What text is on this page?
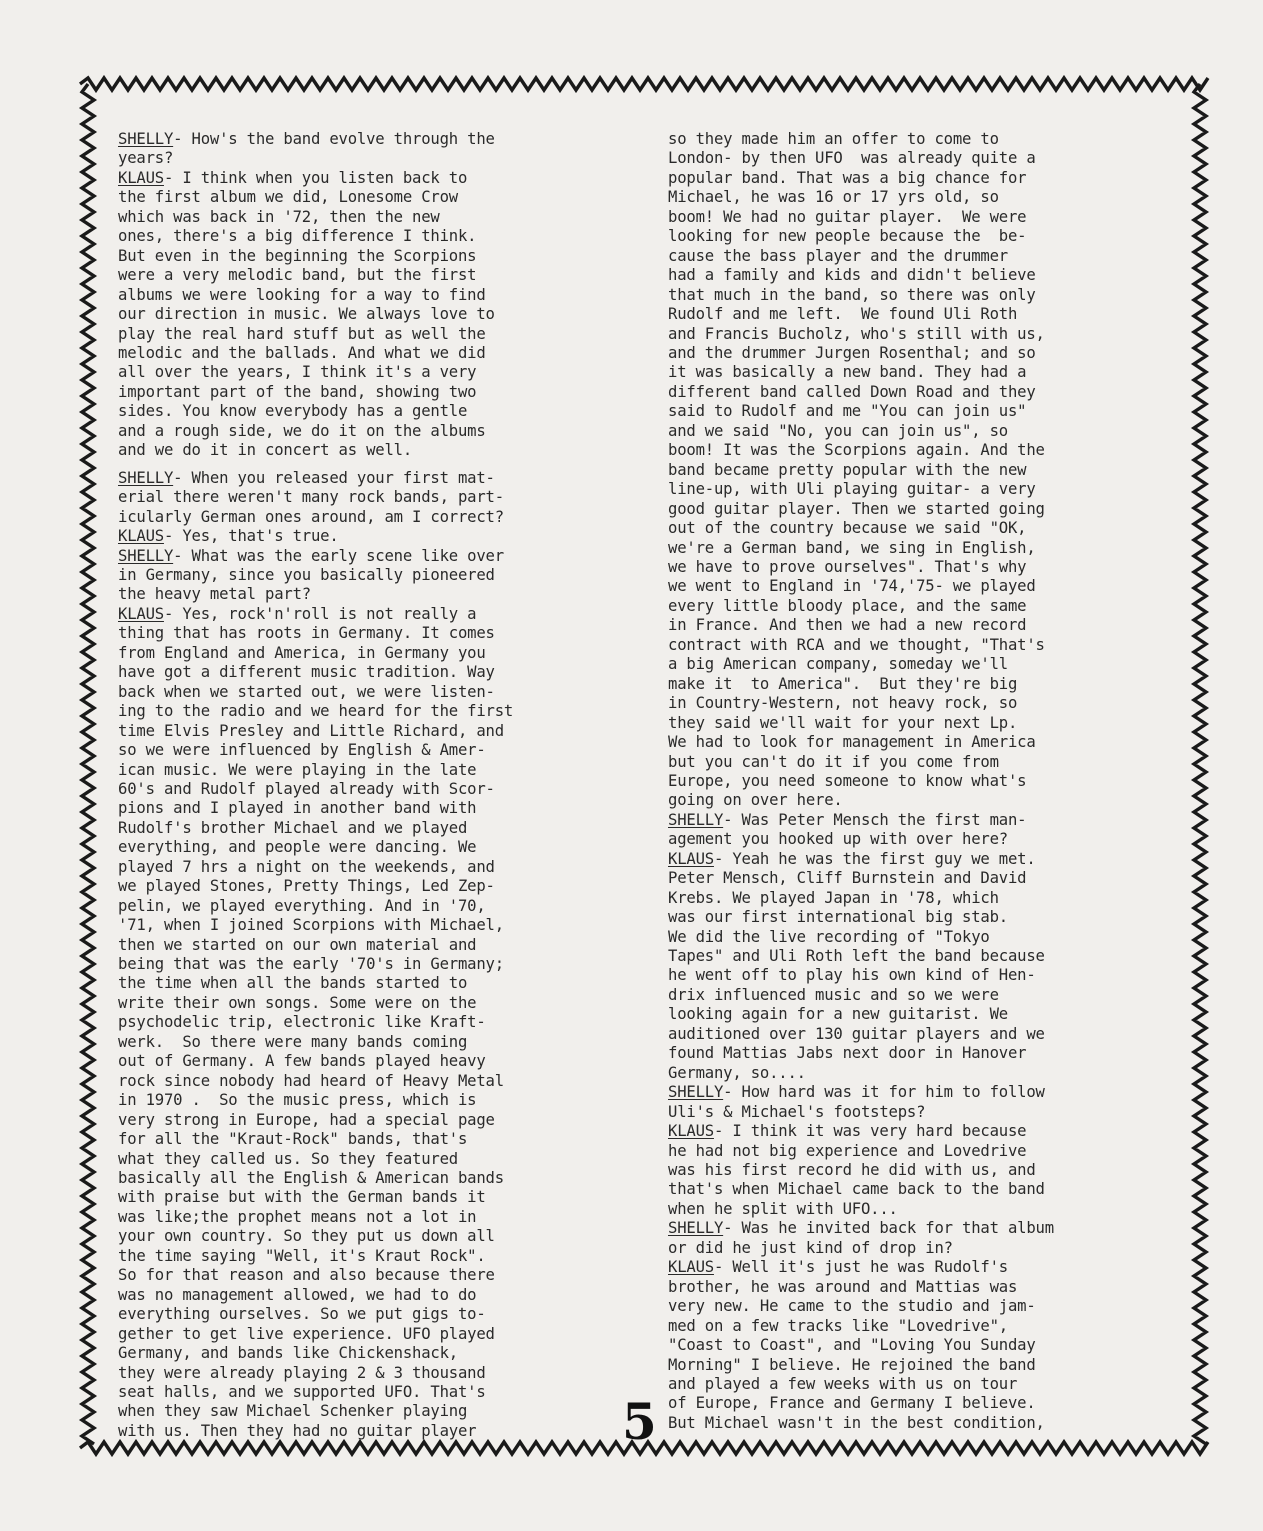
SHELLY- How's the band evolve through the
years?
KLAUS- I think when you listen back to
the first album we did, Lonesome Crow
which was back in '72, then the new
ones, there's a big difference I think.
But even in the beginning the Scorpions
were a very melodic band, but the first
albums we were looking for a way to find
our direction in music. We always love to
play the real hard stuff but as well the
melodic and the ballads. And what we did
all over the years, I think it's a very
important part of the band, showing two
sides. You know everybody has a gentle
and a rough side, we do it on the albums
and we do it in concert as well.
SHELLY- When you released your first mat-
erial there weren't many rock bands, part-
icularly German ones around, am I correct?
KLAUS- Yes, that's true.
SHELLY- What was the early scene like over
in Germany, since you basically pioneered
the heavy metal part?
KLAUS- Yes, rock'n'roll is not really a
thing that has roots in Germany. It comes
from England and America, in Germany you
have got a different music tradition. Way
back when we started out, we were listen-
ing to the radio and we heard for the first
time Elvis Presley and Little Richard, and
so we were influenced by English & Amer-
ican music. We were playing in the late
60's and Rudolf played already with Scor-
pions and I played in another band with
Rudolf's brother Michael and we played
everything, and people were dancing. We
played 7 hrs a night on the weekends, and
we played Stones, Pretty Things, Led Zep-
pelin, we played everything. And in '70,
'71, when I joined Scorpions with Michael,
then we started on our own material and
being that was the early '70's in Germany;
the time when all the bands started to
write their own songs. Some were on the
psychodelic trip, electronic like Kraft-
werk.  So there were many bands coming
out of Germany. A few bands played heavy
rock since nobody had heard of Heavy Metal
in 1970 .  So the music press, which is
very strong in Europe, had a special page
for all the "Kraut-Rock" bands, that's
what they called us. So they featured
basically all the English & American bands
with praise but with the German bands it
was like;the prophet means not a lot in
your own country. So they put us down all
the time saying "Well, it's Kraut Rock".
So for that reason and also because there
was no management allowed, we had to do
everything ourselves. So we put gigs to-
gether to get live experience. UFO played
Germany, and bands like Chickenshack,
they were already playing 2 & 3 thousand
seat halls, and we supported UFO. That's
when they saw Michael Schenker playing
with us. Then they had no guitar player
so they made him an offer to come to
London- by then UFO  was already quite a
popular band. That was a big chance for
Michael, he was 16 or 17 yrs old, so
boom! We had no guitar player.  We were
looking for new people because the  be-
cause the bass player and the drummer
had a family and kids and didn't believe
that much in the band, so there was only
Rudolf and me left.  We found Uli Roth
and Francis Bucholz, who's still with us,
and the drummer Jurgen Rosenthal; and so
it was basically a new band. They had a
different band called Down Road and they
said to Rudolf and me "You can join us"
and we said "No, you can join us", so
boom! It was the Scorpions again. And the
band became pretty popular with the new
line-up, with Uli playing guitar- a very
good guitar player. Then we started going
out of the country because we said "OK,
we're a German band, we sing in English,
we have to prove ourselves". That's why
we went to England in '74,'75- we played
every little bloody place, and the same
in France. And then we had a new record
contract with RCA and we thought, "That's
a big American company, someday we'll
make it  to America".  But they're big
in Country-Western, not heavy rock, so
they said we'll wait for your next Lp.
We had to look for management in America
but you can't do it if you come from
Europe, you need someone to know what's
going on over here.
SHELLY- Was Peter Mensch the first man-
agement you hooked up with over here?
KLAUS- Yeah he was the first guy we met.
Peter Mensch, Cliff Burnstein and David
Krebs. We played Japan in '78, which
was our first international big stab.
We did the live recording of "Tokyo
Tapes" and Uli Roth left the band because
he went off to play his own kind of Hen-
drix influenced music and so we were
looking again for a new guitarist. We
auditioned over 130 guitar players and we
found Mattias Jabs next door in Hanover
Germany, so....
SHELLY- How hard was it for him to follow
Uli's & Michael's footsteps?
KLAUS- I think it was very hard because
he had not big experience and Lovedrive
was his first record he did with us, and
that's when Michael came back to the band
when he split with UFO...
SHELLY- Was he invited back for that album
or did he just kind of drop in?
KLAUS- Well it's just he was Rudolf's
brother, he was around and Mattias was
very new. He came to the studio and jam-
med on a few tracks like "Lovedrive",
"Coast to Coast", and "Loving You Sunday
Morning" I believe. He rejoined the band
and played a few weeks with us on tour
of Europe, France and Germany I believe.
But Michael wasn't in the best condition,
5
